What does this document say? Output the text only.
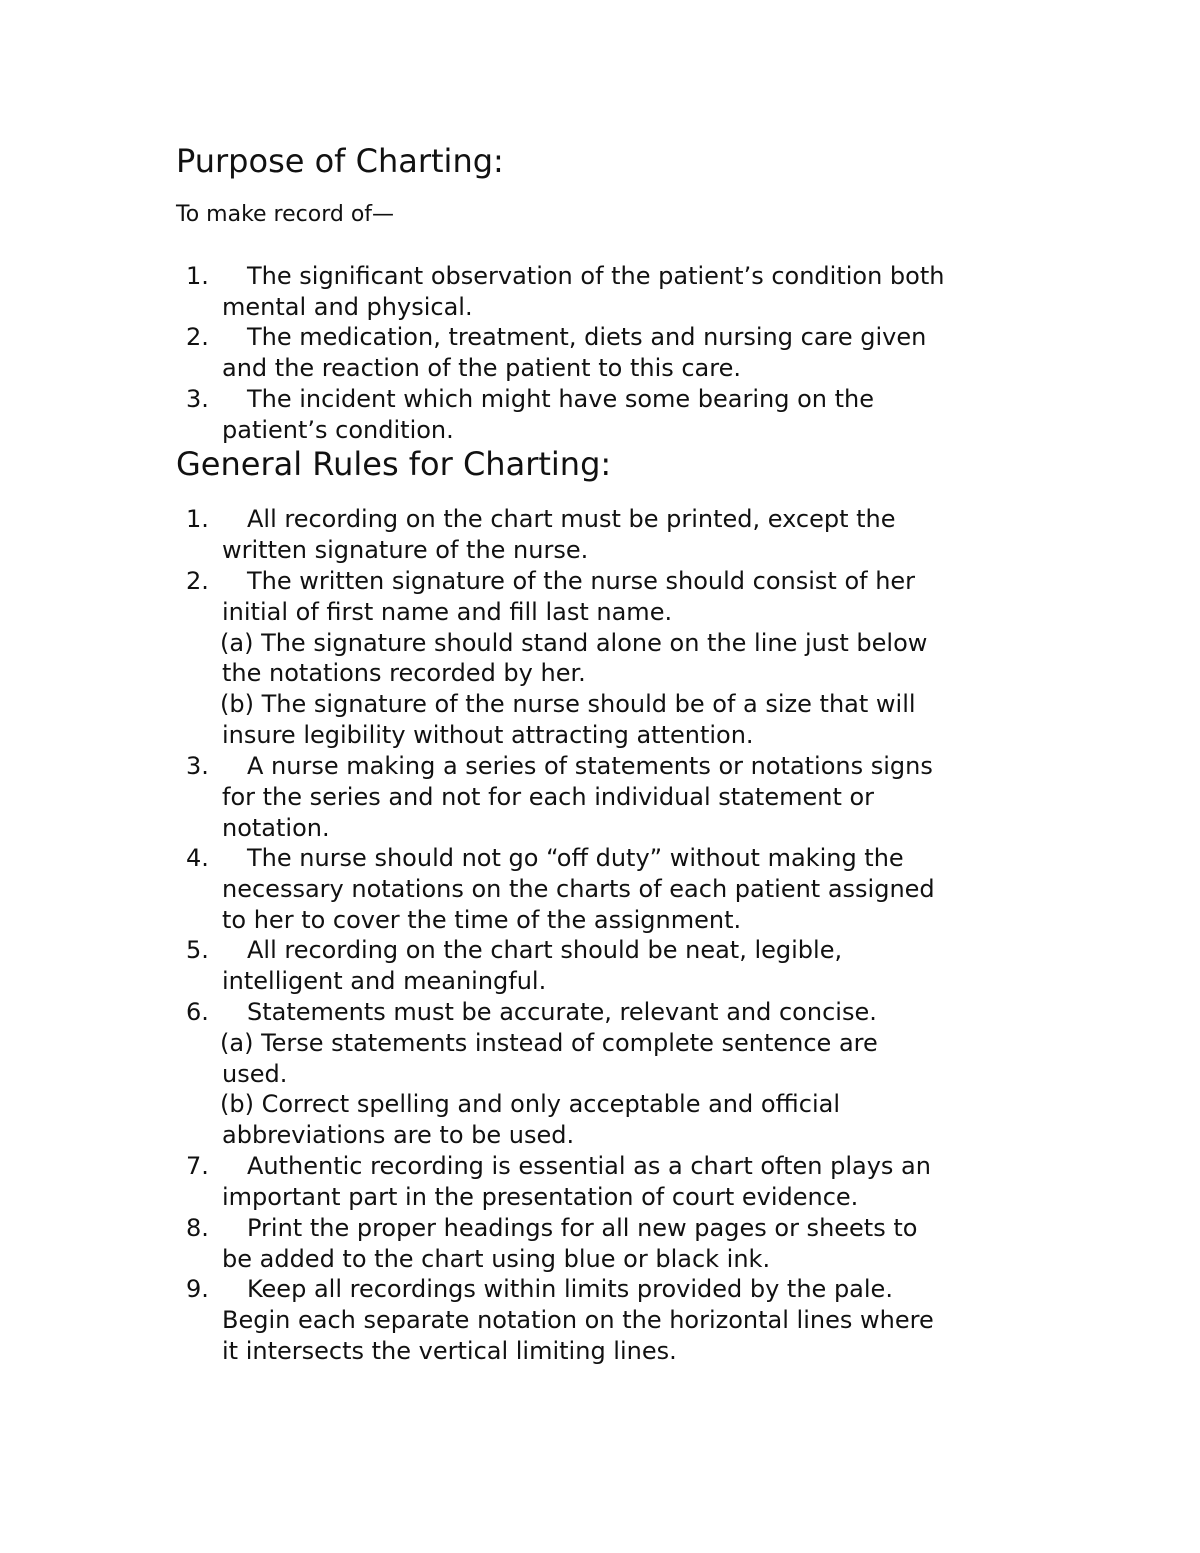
Purpose of Charting:
To make record of—
1. The significant observation of the patient’s condition both
mental and physical.
2. The medication, treatment, diets and nursing care given
and the reaction of the patient to this care.
3. The incident which might have some bearing on the
patient’s condition.
General Rules for Charting:
1. All recording on the chart must be printed, except the
written signature of the nurse.
2. The written signature of the nurse should consist of her
initial of first name and fill last name.
(a) The signature should stand alone on the line just below
the notations recorded by her.
(b) The signature of the nurse should be of a size that will
insure legibility without attracting attention.
3. A nurse making a series of statements or notations signs
for the series and not for each individual statement or
notation.
4. The nurse should not go “off duty” without making the
necessary notations on the charts of each patient assigned
to her to cover the time of the assignment.
5. All recording on the chart should be neat, legible,
intelligent and meaningful.
6. Statements must be accurate, relevant and concise.
(a) Terse statements instead of complete sentence are
used.
(b) Correct spelling and only acceptable and official
abbreviations are to be used.
7. Authentic recording is essential as a chart often plays an
important part in the presentation of court evidence.
8. Print the proper headings for all new pages or sheets to
be added to the chart using blue or black ink.
9. Keep all recordings within limits provided by the pale.
Begin each separate notation on the horizontal lines where
it intersects the vertical limiting lines.
